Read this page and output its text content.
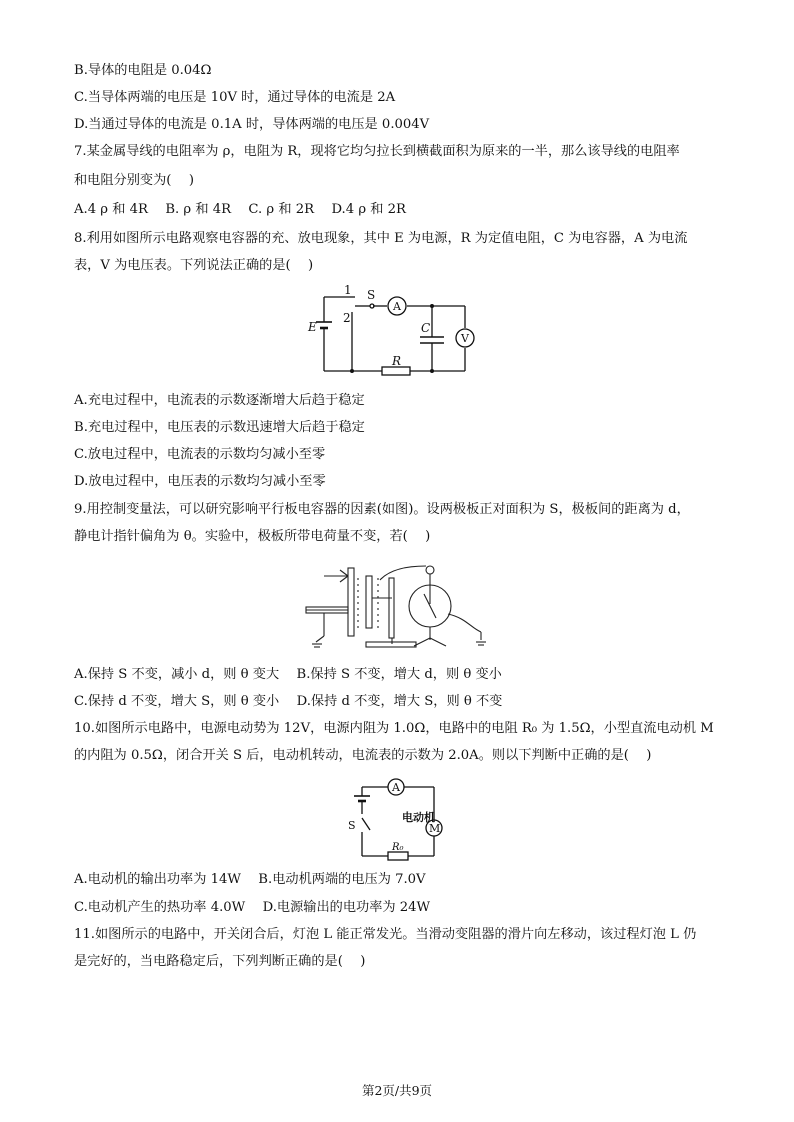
B.导体的电阻是 0.04Ω
C.当导体两端的电压是 10V 时，通过导体的电流是 2A
D.当通过导体的电流是 0.1A 时，导体两端的电压是 0.004V
7.某金属导线的电阻率为 ρ，电阻为 R，现将它均匀拉长到横截面积为原来的一半，那么该导线的电阻率
和电阻分别变为(　 )
A.4 ρ 和 4R　 B. ρ 和 4R　 C. ρ 和 2R　 D.4 ρ 和 2R
8.利用如图所示电路观察电容器的充、放电现象，其中 E 为电源，R 为定值电阻，C 为电容器，A 为电流
表，V 为电压表。下列说法正确的是(　 )
1
2
S
A
V
E	C
R
A.充电过程中，电流表的示数逐渐增大后趋于稳定
B.充电过程中，电压表的示数迅速增大后趋于稳定
C.放电过程中，电流表的示数均匀减小至零
D.放电过程中，电压表的示数均匀减小至零
9.用控制变量法，可以研究影响平行板电容器的因素(如图)。设两极板正对面积为 S，极板间的距离为 d，
静电计指针偏角为 θ。实验中，极板所带电荷量不变，若(　 )
A.保持 S 不变，减小 d，则 θ 变大　 B.保持 S 不变，增大 d，则 θ 变小
C.保持 d 不变，增大 S，则 θ 变小　 D.保持 d 不变，增大 S，则 θ 不变
10.如图所示电路中，电源电动势为 12V，电源内阻为 1.0Ω，电路中的电阻 R₀ 为 1.5Ω，小型直流电动机 M
的内阻为 0.5Ω，闭合开关 S 后，电动机转动，电流表的示数为 2.0A。则以下判断中正确的是(　 )
A
电动机
M
S
R₀
A.电动机的输出功率为 14W　 B.电动机两端的电压为 7.0V
C.电动机产生的热功率 4.0W　 D.电源输出的电功率为 24W
11.如图所示的电路中，开关闭合后，灯泡 L 能正常发光。当滑动变阻器的滑片向左移动，该过程灯泡 L 仍
是完好的，当电路稳定后，下列判断正确的是(　 )
第2页/共9页
